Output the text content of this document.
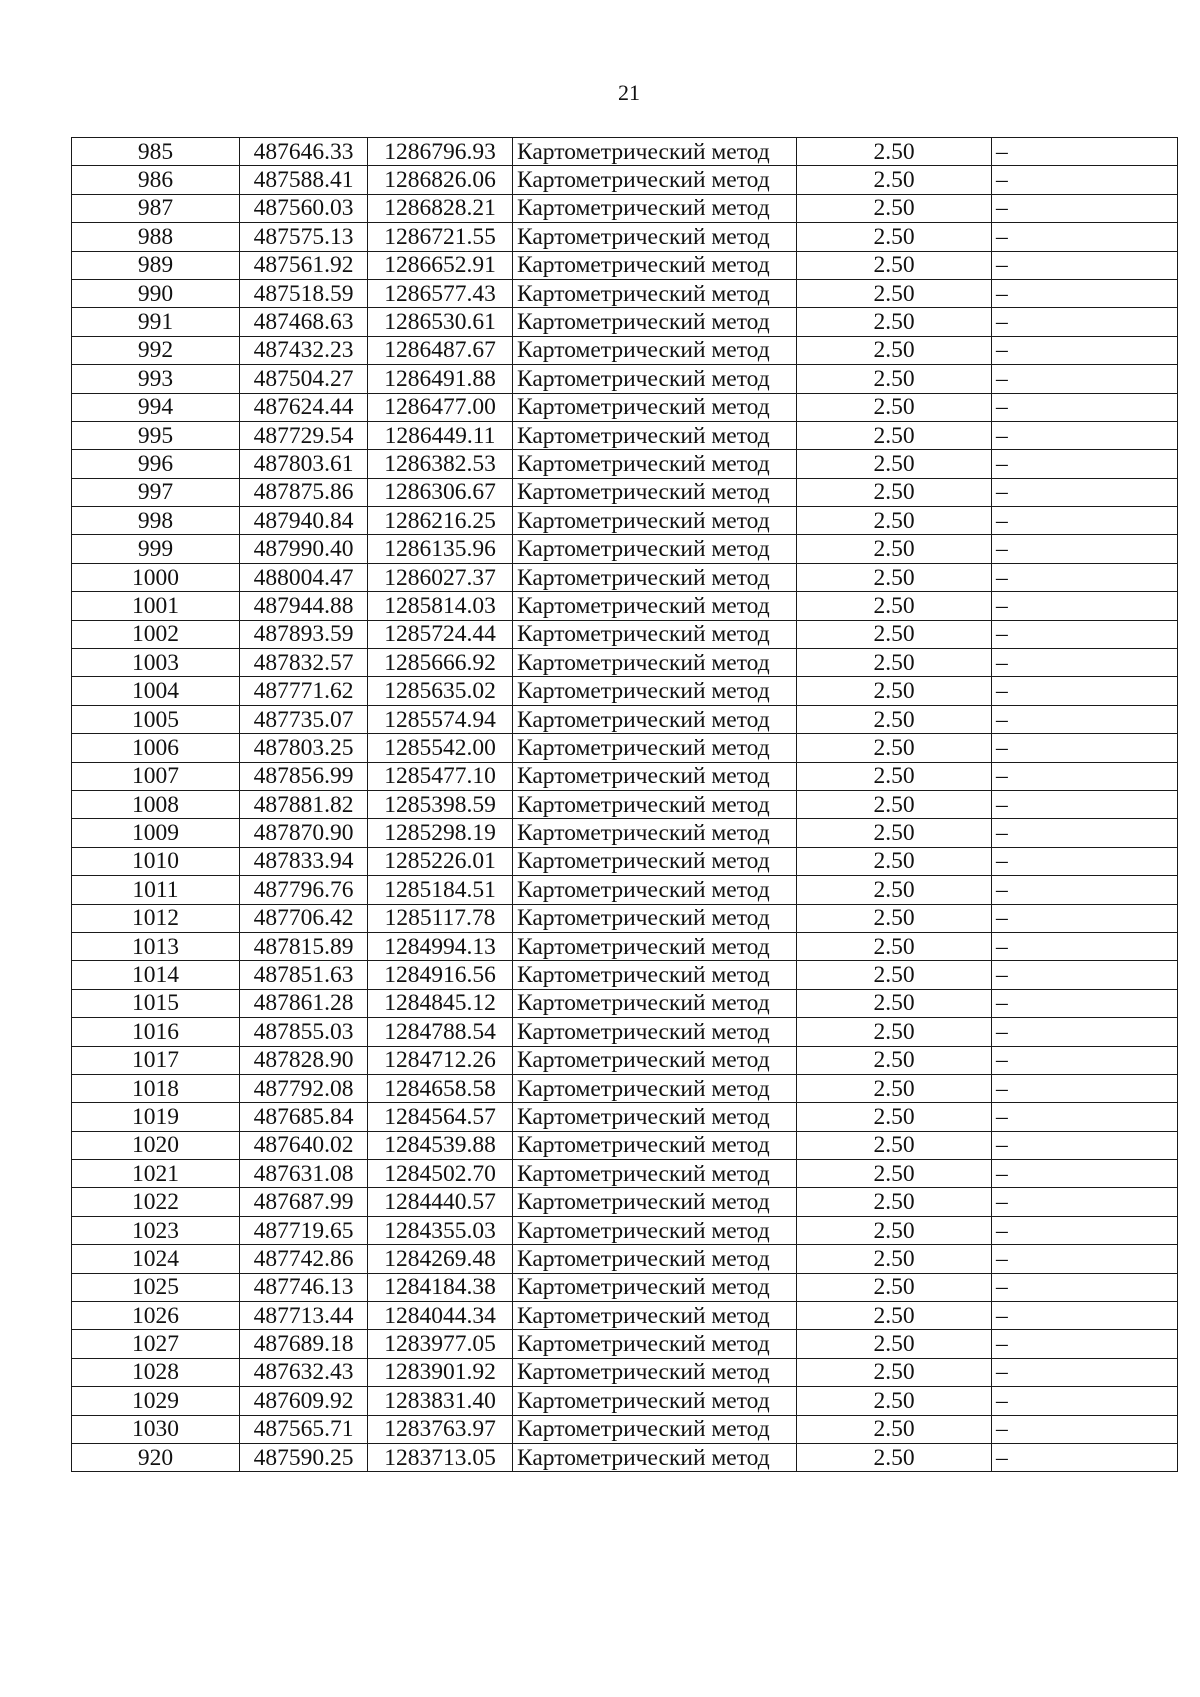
21
985	487646.33	1286796.93	Картометрический метод	2.50	–
986	487588.41	1286826.06	Картометрический метод	2.50	–
987	487560.03	1286828.21	Картометрический метод	2.50	–
988	487575.13	1286721.55	Картометрический метод	2.50	–
989	487561.92	1286652.91	Картометрический метод	2.50	–
990	487518.59	1286577.43	Картометрический метод	2.50	–
991	487468.63	1286530.61	Картометрический метод	2.50	–
992	487432.23	1286487.67	Картометрический метод	2.50	–
993	487504.27	1286491.88	Картометрический метод	2.50	–
994	487624.44	1286477.00	Картометрический метод	2.50	–
995	487729.54	1286449.11	Картометрический метод	2.50	–
996	487803.61	1286382.53	Картометрический метод	2.50	–
997	487875.86	1286306.67	Картометрический метод	2.50	–
998	487940.84	1286216.25	Картометрический метод	2.50	–
999	487990.40	1286135.96	Картометрический метод	2.50	–
1000	488004.47	1286027.37	Картометрический метод	2.50	–
1001	487944.88	1285814.03	Картометрический метод	2.50	–
1002	487893.59	1285724.44	Картометрический метод	2.50	–
1003	487832.57	1285666.92	Картометрический метод	2.50	–
1004	487771.62	1285635.02	Картометрический метод	2.50	–
1005	487735.07	1285574.94	Картометрический метод	2.50	–
1006	487803.25	1285542.00	Картометрический метод	2.50	–
1007	487856.99	1285477.10	Картометрический метод	2.50	–
1008	487881.82	1285398.59	Картометрический метод	2.50	–
1009	487870.90	1285298.19	Картометрический метод	2.50	–
1010	487833.94	1285226.01	Картометрический метод	2.50	–
1011	487796.76	1285184.51	Картометрический метод	2.50	–
1012	487706.42	1285117.78	Картометрический метод	2.50	–
1013	487815.89	1284994.13	Картометрический метод	2.50	–
1014	487851.63	1284916.56	Картометрический метод	2.50	–
1015	487861.28	1284845.12	Картометрический метод	2.50	–
1016	487855.03	1284788.54	Картометрический метод	2.50	–
1017	487828.90	1284712.26	Картометрический метод	2.50	–
1018	487792.08	1284658.58	Картометрический метод	2.50	–
1019	487685.84	1284564.57	Картометрический метод	2.50	–
1020	487640.02	1284539.88	Картометрический метод	2.50	–
1021	487631.08	1284502.70	Картометрический метод	2.50	–
1022	487687.99	1284440.57	Картометрический метод	2.50	–
1023	487719.65	1284355.03	Картометрический метод	2.50	–
1024	487742.86	1284269.48	Картометрический метод	2.50	–
1025	487746.13	1284184.38	Картометрический метод	2.50	–
1026	487713.44	1284044.34	Картометрический метод	2.50	–
1027	487689.18	1283977.05	Картометрический метод	2.50	–
1028	487632.43	1283901.92	Картометрический метод	2.50	–
1029	487609.92	1283831.40	Картометрический метод	2.50	–
1030	487565.71	1283763.97	Картометрический метод	2.50	–
920	487590.25	1283713.05	Картометрический метод	2.50	–
